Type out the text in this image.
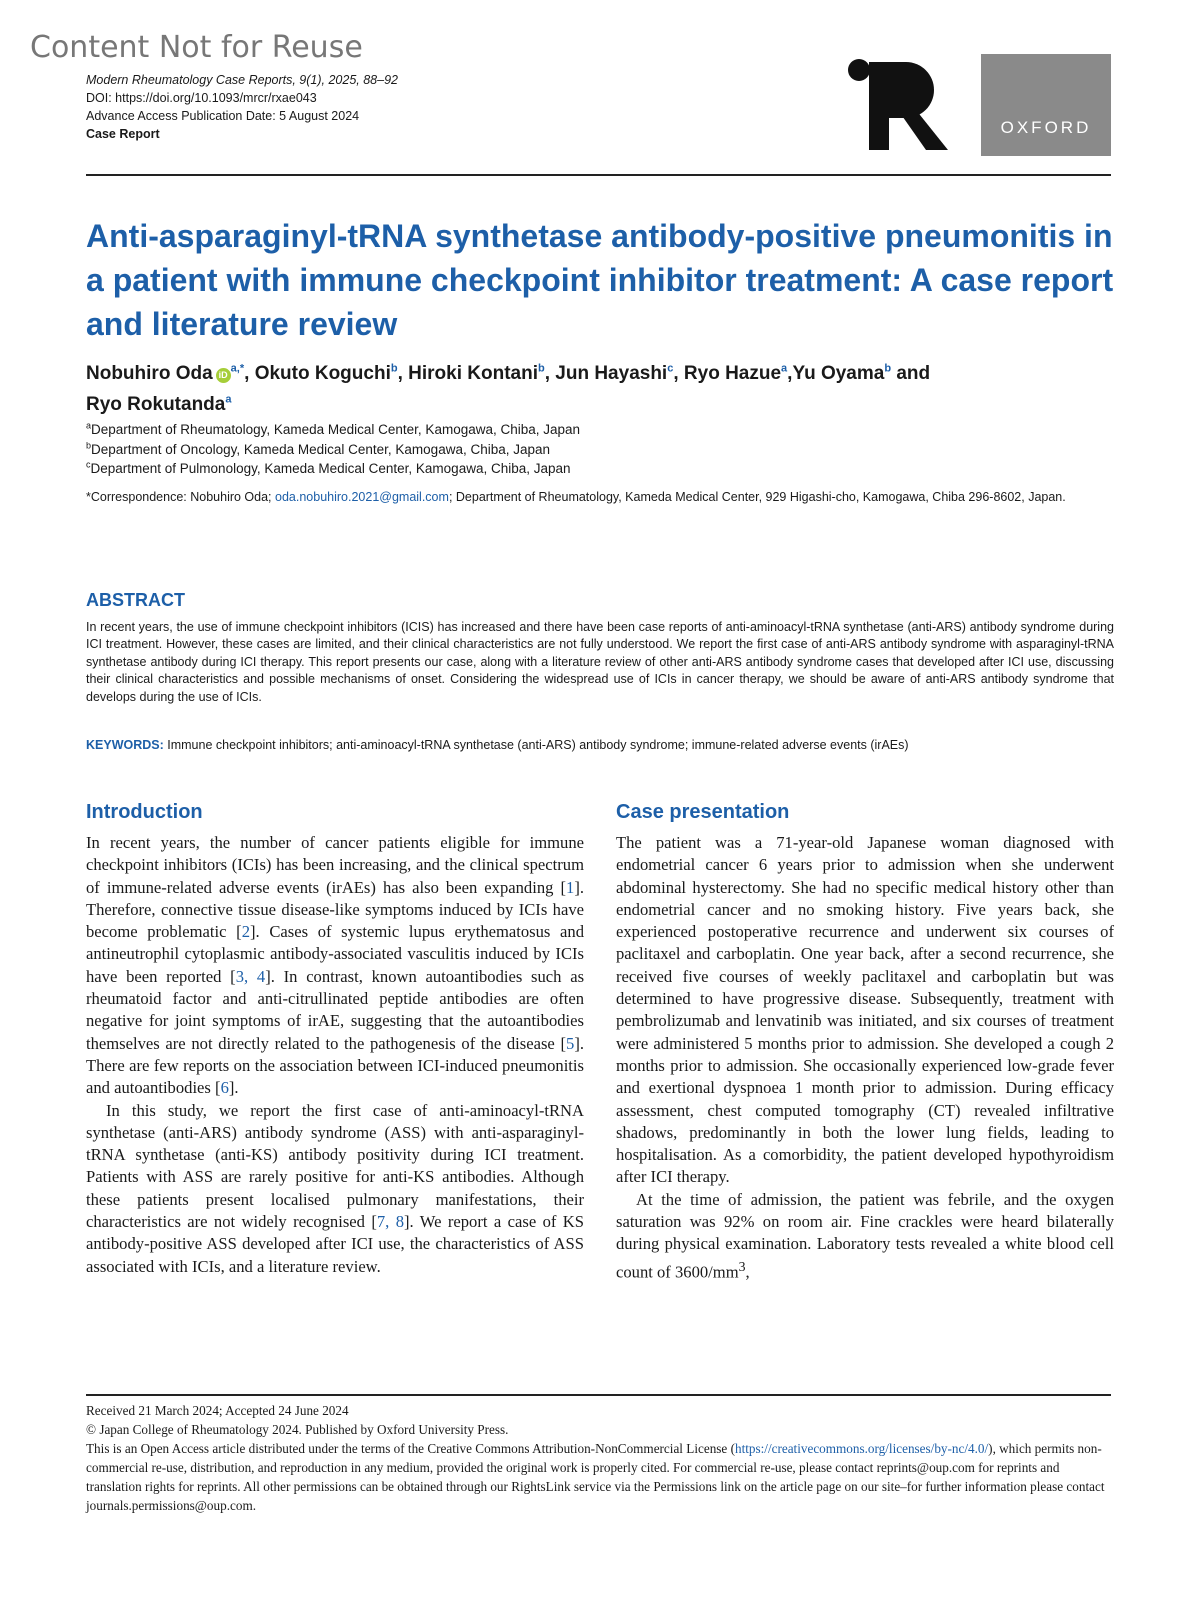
Content Not for Reuse
Modern Rheumatology Case Reports, 9(1), 2025, 88–92
DOI: https://doi.org/10.1093/mrcr/rxae043
Advance Access Publication Date: 5 August 2024
Case Report	OXFORD
Anti-asparaginyl-tRNA synthetase antibody-positive pneumonitis in a patient with immune checkpoint inhibitor treatment: A case report and literature review
Nobuhiro Oda $iD^{a,*}$, Okuto Koguchi$^b$, Hiroki Kontani$^b$, Jun Hayashi$^c$, Ryo Hazue$^a$,Yu Oyama$^b$ and
Ryo Rokutanda$^a$
$^a$Department of Rheumatology, Kameda Medical Center, Kamogawa, Chiba, Japan
$^b$Department of Oncology, Kameda Medical Center, Kamogawa, Chiba, Japan
$^c$Department of Pulmonology, Kameda Medical Center, Kamogawa, Chiba, Japan
*Correspondence: Nobuhiro Oda; oda.nobuhiro.2021@gmail.com; Department of Rheumatology, Kameda Medical Center, 929 Higashi-cho, Kamogawa, Chiba 296-8602, Japan.
ABSTRACT
In recent years, the use of immune checkpoint inhibitors (ICIS) has increased and there have been case reports of anti-aminoacyl-tRNA synthetase (anti-ARS) antibody syndrome during ICI treatment. However, these cases are limited, and their clinical characteristics are not fully understood. We report the first case of anti-ARS antibody syndrome with asparaginyl-tRNA synthetase antibody during ICI therapy. This report presents our case, along with a literature review of other anti-ARS antibody syndrome cases that developed after ICI use, discussing their clinical characteristics and possible mechanisms of onset. Considering the widespread use of ICIs in cancer therapy, we should be aware of anti-ARS antibody syndrome that develops during the use of ICIs.
KEYWORDS: Immune checkpoint inhibitors; anti-aminoacyl-tRNA synthetase (anti-ARS) antibody syndrome; immune-related adverse events (irAEs)
Introduction

In recent years, the number of cancer patients eligible for immune checkpoint inhibitors (ICIs) has been increasing, and the clinical spectrum of immune-related adverse events (irAEs) has also been expanding [1]. Therefore, connective tissue disease-like symptoms induced by ICIs have become problematic [2]. Cases of systemic lupus erythematosus and antineutrophil cytoplasmic antibody-associated vasculitis induced by ICIs have been reported [3, 4]. In contrast, known autoantibodies such as rheumatoid factor and anti-citrullinated peptide antibodies are often negative for joint symptoms of irAE, suggesting that the autoantibodies themselves are not directly related to the pathogenesis of the disease [5]. There are few reports on the association between ICI-induced pneumonitis and autoantibodies [6].

In this study, we report the first case of anti-aminoacyl-tRNA synthetase (anti-ARS) antibody syndrome (ASS) with anti-asparaginyl-tRNA synthetase (anti-KS) antibody positivity during ICI treatment. Patients with ASS are rarely positive for anti-KS antibodies. Although these patients present localised pulmonary manifestations, their characteristics are not widely recognised [7, 8]. We report a case of KS antibody-positive ASS developed after ICI use, the characteristics of ASS associated with ICIs, and a literature review.

Case presentation

The patient was a 71-year-old Japanese woman diagnosed with endometrial cancer 6 years prior to admission when she underwent abdominal hysterectomy. She had no specific medical history other than endometrial cancer and no smoking history. Five years back, she experienced postoperative recurrence and underwent six courses of paclitaxel and carboplatin. One year back, after a second recurrence, she received five courses of weekly paclitaxel and carboplatin but was determined to have progressive disease. Subsequently, treatment with pembrolizumab and lenvatinib was initiated, and six courses of treatment were administered 5 months prior to admission. She developed a cough 2 months prior to admission. She occasionally experienced low-grade fever and exertional dyspnoea 1 month prior to admission. During efficacy assessment, chest computed tomography (CT) revealed infiltrative shadows, predominantly in both the lower lung fields, leading to hospitalisation. As a comorbidity, the patient developed hypothyroidism after ICI therapy.

At the time of admission, the patient was febrile, and the oxygen saturation was 92% on room air. Fine crackles were heard bilaterally during physical examination. Laboratory tests revealed a white blood cell count of $3600/mm^3$,

Received 21 March 2024; Accepted 24 June 2024

© Japan College of Rheumatology 2024. Published by Oxford University Press.

This is an Open Access article distributed under the terms of the Creative Commons Attribution-NonCommercial License (https://creativecommons.org/licenses/by-nc/4.0/), which permits non-commercial re-use, distribution, and reproduction in any medium, provided the original work is properly cited. For commercial re-use, please contact reprints@oup.com for reprints and translation rights for reprints. All other permissions can be obtained through our RightsLink service via the Permissions link on the article page on our site–for further information please contact journals.permissions@oup.com.
